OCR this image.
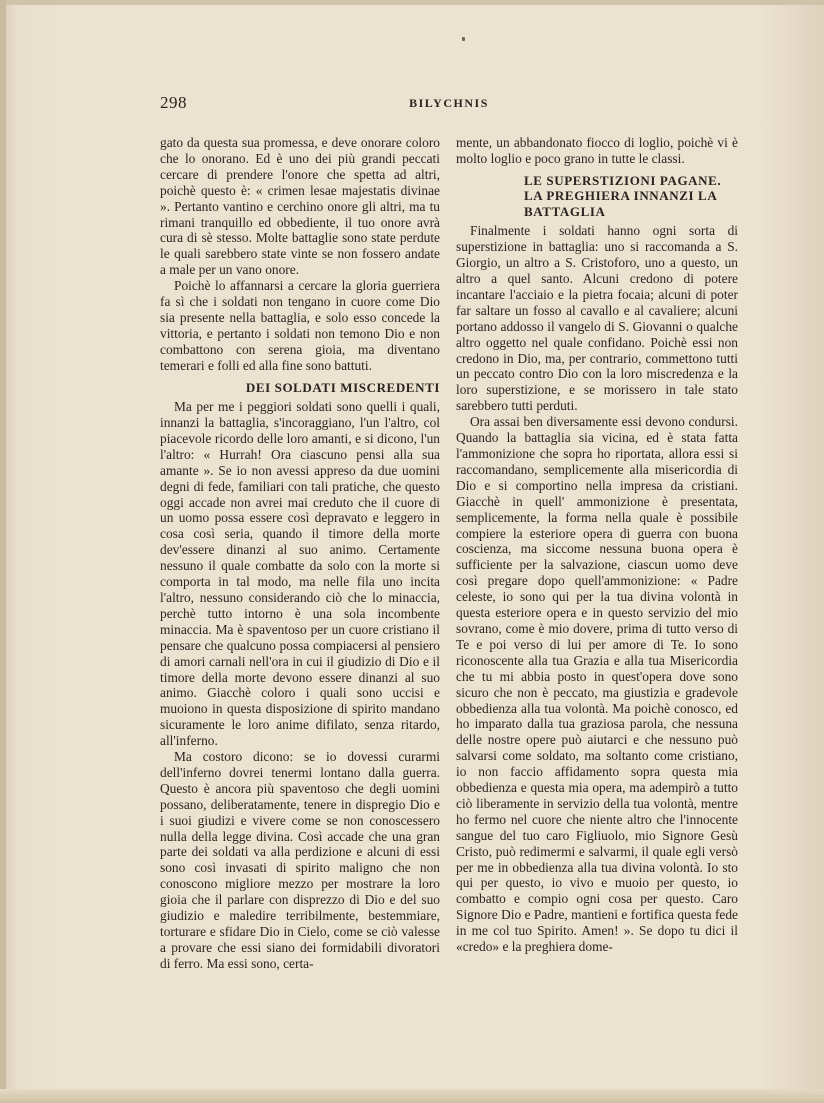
298	BILYCHNIS

gato da questa sua promessa, e deve onorare coloro che lo onorano. Ed è uno dei più grandi peccati cercare di prendere l'onore che spetta ad altri, poichè questo è: « crimen lesae majestatis divinae ». Pertanto vantino e cerchino onore gli altri, ma tu rimani tranquillo ed obbediente, il tuo onore avrà cura di sè stesso. Molte battaglie sono state perdute le quali sarebbero state vinte se non fossero andate a male per un vano onore.

Poichè lo affannarsi a cercare la gloria guerriera fa sì che i soldati non tengano in cuore come Dio sia presente nella battaglia, e solo esso concede la vittoria, e pertanto i soldati non temono Dio e non combattono con serena gioia, ma diventano temerari e folli ed alla fine sono battuti.

DEI SOLDATI MISCREDENTI

Ma per me i peggiori soldati sono quelli i quali, innanzi la battaglia, s'incoraggiano, l'un l'altro, col piacevole ricordo delle loro amanti, e si dicono, l'un l'altro: « Hurrah! Ora ciascuno pensi alla sua amante ». Se io non avessi appreso da due uomini degni di fede, familiari con tali pratiche, che questo oggi accade non avrei mai creduto che il cuore di un uomo possa essere così depravato e leggero in cosa così seria, quando il timore della morte dev'essere dinanzi al suo animo. Certamente nessuno il quale combatte da solo con la morte si comporta in tal modo, ma nelle fila uno incita l'altro, nessuno considerando ciò che lo minaccia, perchè tutto intorno è una sola incombente minaccia. Ma è spaventoso per un cuore cristiano il pensare che qualcuno possa compiacersi al pensiero di amori carnali nell'ora in cui il giudizio di Dio e il timore della morte devono essere dinanzi al suo animo. Giacchè coloro i quali sono uccisi e muoiono in questa disposizione di spirito mandano sicuramente le loro anime difilato, senza ritardo, all'inferno.

Ma costoro dicono: se io dovessi curarmi dell'inferno dovrei tenermi lontano dalla guerra. Questo è ancora più spaventoso che degli uomini possano, deliberatamente, tenere in dispregio Dio e i suoi giudizi e vivere come se non conoscessero nulla della legge divina. Così accade che una gran parte dei soldati va alla perdizione e alcuni di essi sono così invasati di spirito maligno che non conoscono migliore mezzo per mostrare la loro gioia che il parlare con disprezzo di Dio e del suo giudizio e maledire terribilmente, bestemmiare, torturare e sfidare Dio in Cielo, come se ciò valesse a provare che essi siano dei formidabili divoratori di ferro. Ma essi sono, certa-

mente, un abbandonato fiocco di loglio, poichè vi è molto loglio e poco grano in tutte le classi.

LE SUPERSTIZIONI PAGANE. LA PREGHIERA INNANZI LA BATTAGLIA

Finalmente i soldati hanno ogni sorta di superstizione in battaglia: uno si raccomanda a S. Giorgio, un altro a S. Cristoforo, uno a questo, un altro a quel santo. Alcuni credono di potere incantare l'acciaio e la pietra focaia; alcuni di poter far saltare un fosso al cavallo e al cavaliere; alcuni portano addosso il vangelo di S. Giovanni o qualche altro oggetto nel quale confidano. Poichè essi non credono in Dio, ma, per contrario, commettono tutti un peccato contro Dio con la loro miscredenza e la loro superstizione, e se morissero in tale stato sarebbero tutti perduti.

Ora assai ben diversamente essi devono condursi. Quando la battaglia sia vicina, ed è stata fatta l'ammonizione che sopra ho riportata, allora essi si raccomandano, semplicemente alla misericordia di Dio e si comportino nella impresa da cristiani. Giacchè in quell' ammonizione è presentata, semplicemente, la forma nella quale è possibile compiere la esteriore opera di guerra con buona coscienza, ma siccome nessuna buona opera è sufficiente per la salvazione, ciascun uomo deve così pregare dopo quell'ammonizione: « Padre celeste, io sono qui per la tua divina volontà in questa esteriore opera e in questo servizio del mio sovrano, come è mio dovere, prima di tutto verso di Te e poi verso di lui per amore di Te. Io sono riconoscente alla tua Grazia e alla tua Misericordia che tu mi abbia posto in quest'opera dove sono sicuro che non è peccato, ma giustizia e gradevole obbedienza alla tua volontà. Ma poichè conosco, ed ho imparato dalla tua graziosa parola, che nessuna delle nostre opere può aiutarci e che nessuno può salvarsi come soldato, ma soltanto come cristiano, io non faccio affidamento sopra questa mia obbedienza e questa mia opera, ma adempirò a tutto ciò liberamente in servizio della tua volontà, mentre ho fermo nel cuore che niente altro che l'innocente sangue del tuo caro Figliuolo, mio Signore Gesù Cristo, può redimermi e salvarmi, il quale egli versò per me in obbedienza alla tua divina volontà. Io sto qui per questo, io vivo e muoio per questo, io combatto e compio ogni cosa per questo. Caro Signore Dio e Padre, mantieni e fortifica questa fede in me col tuo Spirito. Amen! ». Se dopo tu dici il «credo» e la preghiera dome-
